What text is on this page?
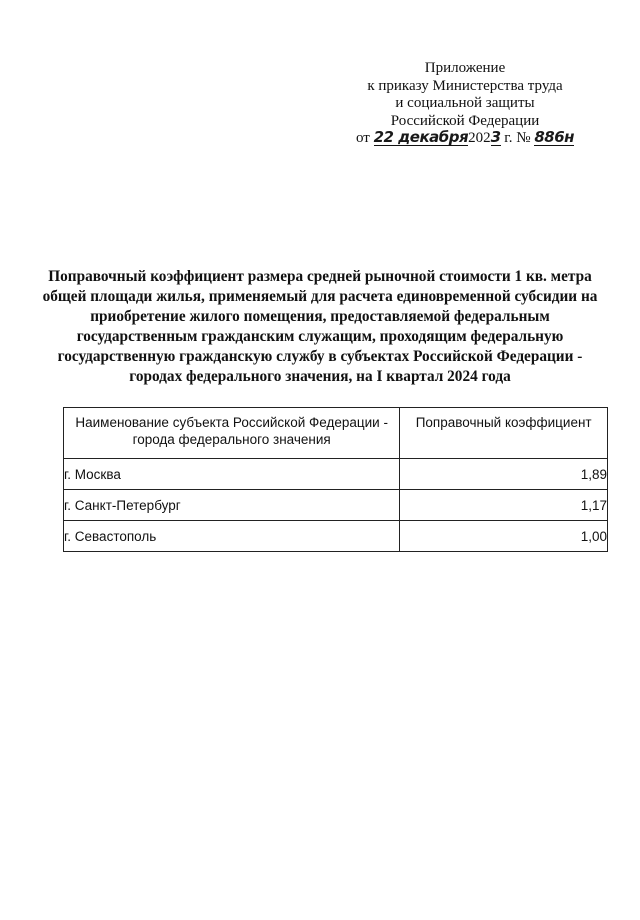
Приложение
к приказу Министерства труда
и социальной защиты
Российской Федерации
от 22 декабря2023 г. № 886н
Поправочный коэффициент размера средней рыночной стоимости 1 кв. метра
общей площади жилья, применяемый для расчета единовременной субсидии на
приобретение жилого помещения, предоставляемой федеральным
государственным гражданским служащим, проходящим федеральную
государственную гражданскую службу в субъектах Российской Федерации -
городах федерального значения, на I квартал 2024 года
Наименование субъекта Российской Федерации - города федерального значения	Поправочный коэффициент
г. Москва	1,89
г. Санкт-Петербург	1,17
г. Севастополь	1,00
